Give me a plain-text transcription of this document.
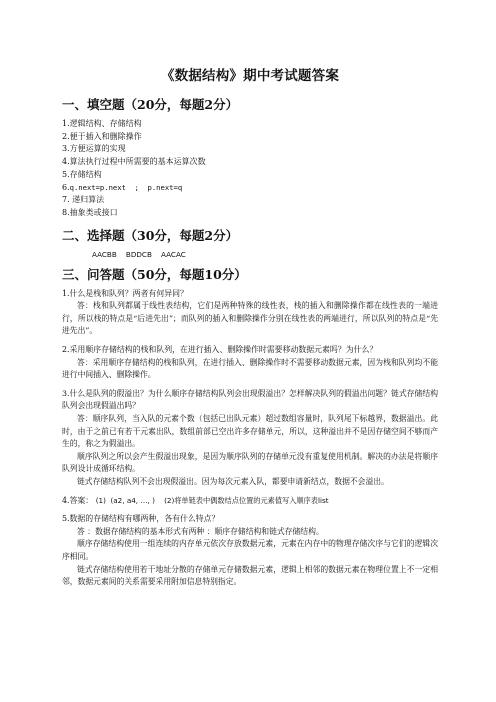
《数据结构》期中考试题答案
一、填空题（20分，每题2分）
1.逻辑结构、存储结构
2.便于插入和删除操作
3.方便运算的实现
4.算法执行过程中所需要的基本运算次数
5.存储结构
6.q.next=p.next  ;  p.next=q
7. 递归算法
8.抽象类或接口
二、选择题（30分，每题2分）
AACBB    BDDCB    AACAC
三、问答题（50分，每题10分）
1.什么是栈和队列？两者有何异同？
答：栈和队列都属于线性表结构，它们是两种特殊的线性表，栈的插入和删除操作都在线性表的一端进行，所以栈的特点是“后进先出”；而队列的插入和删除操作分别在线性表的两端进行，所以队列的特点是“先进先出”。
2.采用顺序存储结构的栈和队列，在进行插入、删除操作时需要移动数据元素吗？为什么？
答：采用顺序存储结构的栈和队列，在进行插入、删除操作时不需要移动数据元素，因为栈和队列均不能进行中间插入、删除操作。
3.什么是队列的假溢出？为什么顺序存储结构队列会出现假溢出？怎样解决队列的假溢出问题？链式存储结构队列会出现假溢出吗？
答：顺序队列，当入队的元素个数（包括已出队元素）超过数组容量时，队列尾下标越界，数据溢出。此时，由于之前已有若干元素出队，数组前部已空出许多存储单元，所以，这种溢出并不是因存储空间不够而产生的，称之为假溢出。
顺序队列之所以会产生假溢出现象，是因为顺序队列的存储单元没有重复使用机制。解决的办法是将顺序队列设计成循环结构。
链式存储结构队列不会出现假溢出。因为每次元素入队，都要申请新结点，数据不会溢出。
4.答案： (1)  (a2, a4, …, )    (2)将单链表中偶数结点位置的元素值写入顺序表list
5.数据的存储结构有哪两种，各有什么特点？
答 ：数据存储结构的基本形式有两种 ：顺序存储结构和链式存储结构。
顺序存储结构使用一组连续的内存单元依次存放数据元素，元素在内存中的物理存储次序与它们的逻辑次序相同。
链式存储结构使用若干地址分散的存储单元存储数据元素，逻辑上相邻的数据元素在物理位置上不一定相邻，数据元素间的关系需要采用附加信息特别指定。
